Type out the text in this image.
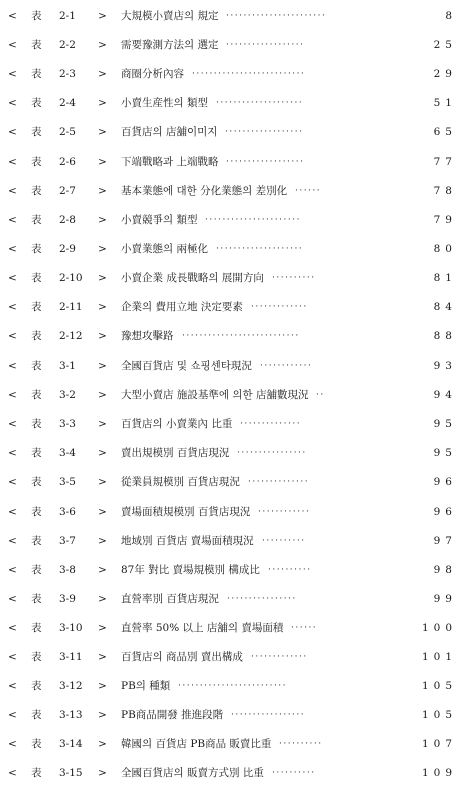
< 表 2-1 > 大規模小賣店의 規定	8
·······················
< 表 2-2 > 需要豫測方法의 選定	25
··················
< 表 2-3 > 商圈分析內容	29
··························
< 表 2-4 > 小賣生産性의 類型	51
····················
< 表 2-5 > 百貨店의 店舖이미지	65
··················
< 表 2-6 > 下端戰略과 上端戰略	77
··················
< 表 2-7 > 基本業態에 대한 分化業態의 差別化	78
······
< 表 2-8 > 小賣競爭의 類型	79
······················
< 表 2-9 > 小賣業態의 兩極化	80
····················
< 表 2-10 > 小賣企業 成長戰略의 展開方向	81
··········
< 表 2-11 > 企業의 費用立地 決定要素	84
·············
< 表 2-12 > 豫想攻擊路	88
···························
< 表 3-1 > 全國百貨店 및 쇼핑센타現況	93
············
< 表 3-2 > 大型小賣店 施設基準에 의한 店舖數現況	94
··
< 表 3-3 > 百貨店의 小賣業內 比重	95
··············
< 表 3-4 > 賣出規模別 百貨店現況	95
················
< 表 3-5 > 從業員規模別 百貨店現況	96
··············
< 表 3-6 > 賣場面積規模別 百貨店現況	96
············
< 表 3-7 > 地域別 百貨店 賣場面積現況	97
··········
< 表 3-8 > 87年 對比 賣場規模別 構成比	98
··········
< 表 3-9 > 直營率別 百貨店現況	99
················
< 表 3-10 > 直營率 50% 以上 店舖의 賣場面積	100
······
< 表 3-11 > 百貨店의 商品別 賣出構成	101
·············
< 表 3-12 > PB의 種類	105
·························
< 表 3-13 > PB商品開發 推進段階	105
·················
< 表 3-14 > 韓國의 百貨店 PB商品 販賣比重	107
··········
< 表 3-15 > 全國百貨店의 販賣方式別 比重	109
··········
